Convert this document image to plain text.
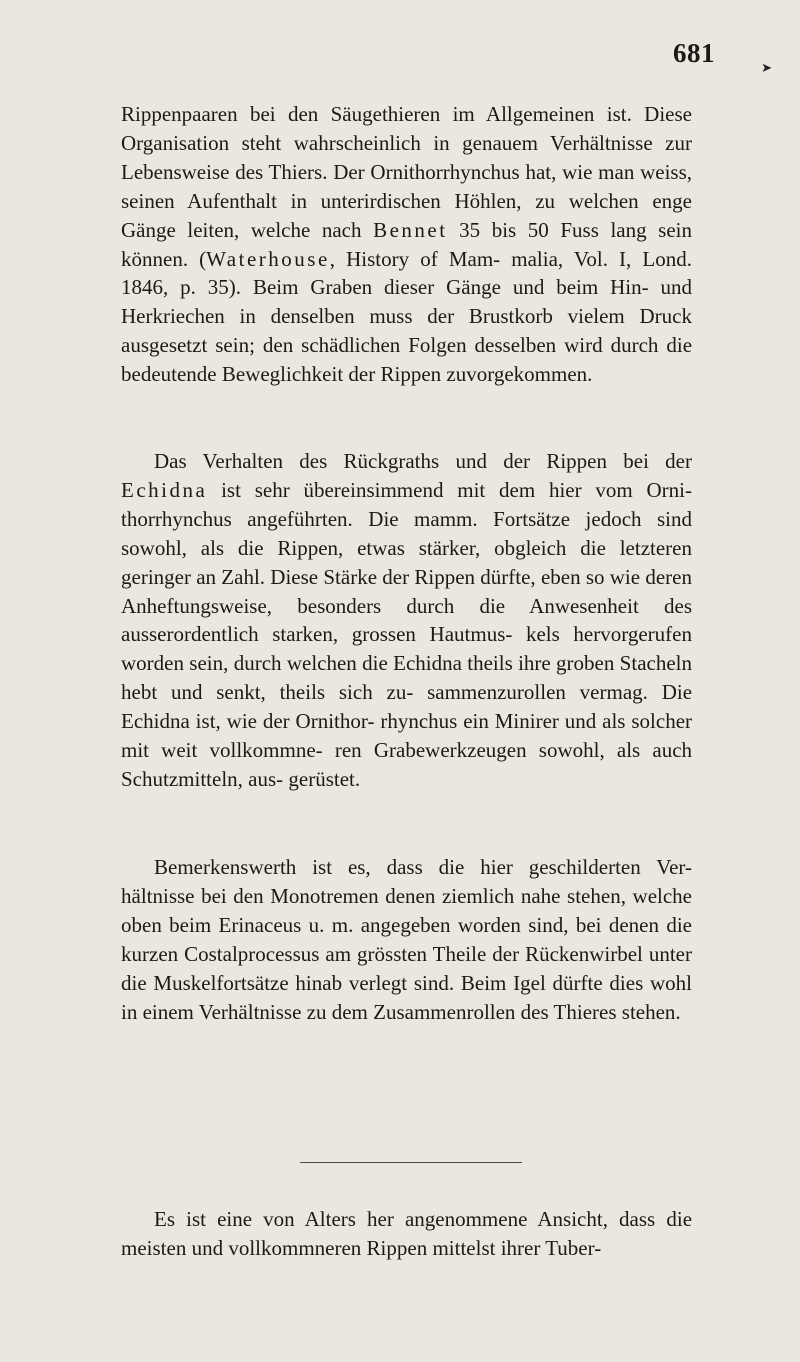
➤
681

Rippenpaaren bei den Säugethieren im Allgemeinen ist. Diese Organisation steht wahrscheinlich in genauem Verhältnisse zur Lebensweise des Thiers. Der Ornithorrhynchus hat, wie man weiss, seinen Aufenthalt in unterirdischen Höhlen, zu welchen enge Gänge leiten, welche nach Bennet 35 bis 50 Fuss lang sein können. (Waterhouse, History of Mam- malia, Vol. I, Lond. 1846, p. 35). Beim Graben dieser Gänge und beim Hin- und Herkriechen in denselben muss der Brustkorb vielem Druck ausgesetzt sein; den schädlichen Folgen desselben wird durch die bedeutende Beweglichkeit der Rippen zuvorgekommen.

Das Verhalten des Rückgraths und der Rippen bei der Echidna ist sehr übereinsimmend mit dem hier vom Orni- thorrhynchus angeführten. Die mamm. Fortsätze jedoch sind sowohl, als die Rippen, etwas stärker, obgleich die letzteren geringer an Zahl. Diese Stärke der Rippen dürfte, eben so wie deren Anheftungsweise, besonders durch die Anwesenheit des ausserordentlich starken, grossen Hautmus- kels hervorgerufen worden sein, durch welchen die Echidna theils ihre groben Stacheln hebt und senkt, theils sich zu- sammenzurollen vermag. Die Echidna ist, wie der Ornithor- rhynchus ein Minirer und als solcher mit weit vollkommne- ren Grabewerkzeugen sowohl, als auch Schutzmitteln, aus- gerüstet.

Bemerkenswerth ist es, dass die hier geschilderten Ver- hältnisse bei den Monotremen denen ziemlich nahe stehen, welche oben beim Erinaceus u. m. angegeben worden sind, bei denen die kurzen Costalprocessus am grössten Theile der Rückenwirbel unter die Muskelfortsätze hinab verlegt sind. Beim Igel dürfte dies wohl in einem Verhältnisse zu dem Zusammenrollen des Thieres stehen.

Es ist eine von Alters her angenommene Ansicht, dass die meisten und vollkommneren Rippen mittelst ihrer Tuber-
